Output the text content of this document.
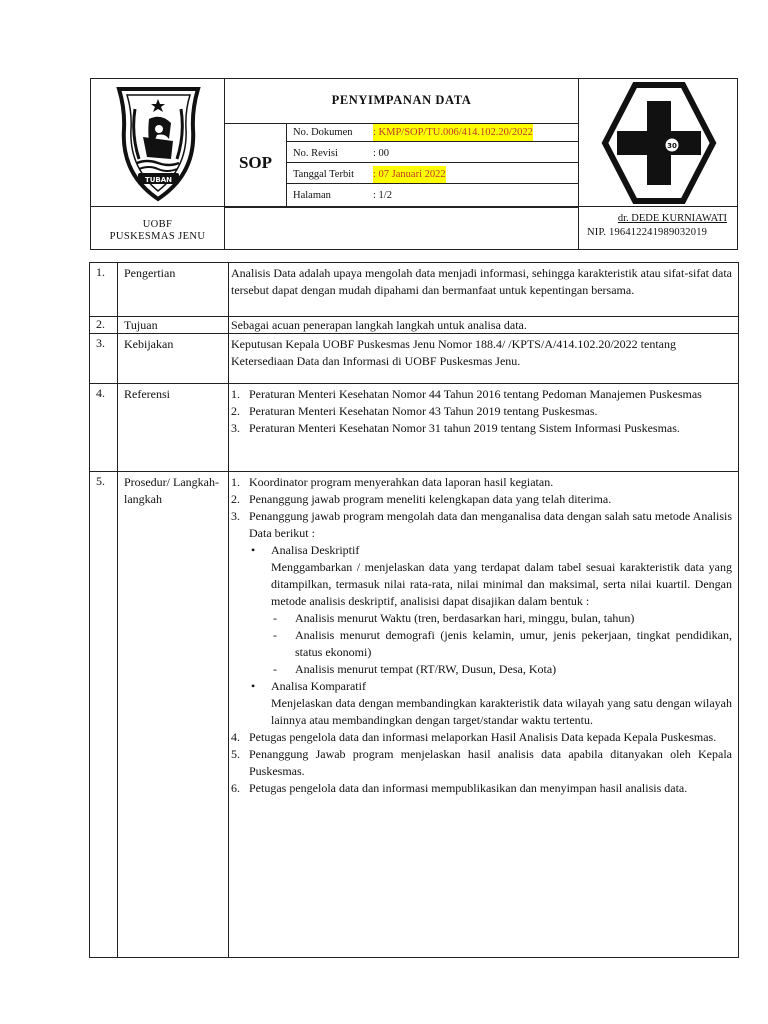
TUBAN
PENYIMPANAN DATA
SOP
No. Dokumen : KMP/SOP/TU.006/414.102.20/2022
No. Revisi	: 00
Tanggal Terbit : 07 Januari 2022
Halaman	: 1/2
30
UOBF
PUSKESMAS JENU
dr. DEDE KURNIAWATI
NIP. 196412241989032019
1. Pengertian	Analisis Data adalah upaya mengolah data menjadi informasi, sehingga karakteristik atau sifat-sifat data tersebut dapat dengan mudah dipahami dan bermanfaat untuk kepentingan bersama.

2. Tujuan	Sebagai acuan penerapan langkah langkah untuk analisa data.

3. Kebijakan	Keputusan Kepala UOBF Puskesmas Jenu Nomor 188.4/ /KPTS/A/414.102.20/2022 tentang Ketersediaan Data dan Informasi di UOBF Puskesmas Jenu.

4. Referensi	1. Peraturan Menteri Kesehatan Nomor 44 Tahun 2016 tentang Pedoman Manajemen Puskesmas
2. Peraturan Menteri Kesehatan Nomor 43 Tahun 2019 tentang Puskesmas.
3. Peraturan Menteri Kesehatan Nomor 31 tahun 2019 tentang Sistem Informasi Puskesmas.
5. Prosedur/ Langkah-langkah
1. Koordinator program menyerahkan data laporan hasil kegiatan.
2. Penanggung jawab program meneliti kelengkapan data yang telah diterima.
3. Penanggung jawab program mengolah data dan menganalisa data dengan salah satu metode Analisis Data berikut :
• Analisa Deskriptif
Menggambarkan / menjelaskan data yang terdapat dalam tabel sesuai karakteristik data yang ditampilkan, termasuk nilai rata-rata, nilai minimal dan maksimal, serta nilai kuartil. Dengan metode analisis deskriptif, analisisi dapat disajikan dalam bentuk :
- Analisis menurut Waktu (tren, berdasarkan hari, minggu, bulan, tahun)
- Analisis menurut demografi (jenis kelamin, umur, jenis pekerjaan, tingkat pendidikan, status ekonomi)
- Analisis menurut tempat (RT/RW, Dusun, Desa, Kota)
• Analisa Komparatif
Menjelaskan data dengan membandingkan karakteristik data wilayah yang satu dengan wilayah lainnya atau membandingkan dengan target/standar waktu tertentu.
4. Petugas pengelola data dan informasi melaporkan Hasil Analisis Data kepada Kepala Puskesmas.
5. Penanggung Jawab program menjelaskan hasil analisis data apabila ditanyakan oleh Kepala Puskesmas.
6. Petugas pengelola data dan informasi mempublikasikan dan menyimpan hasil analisis data.
